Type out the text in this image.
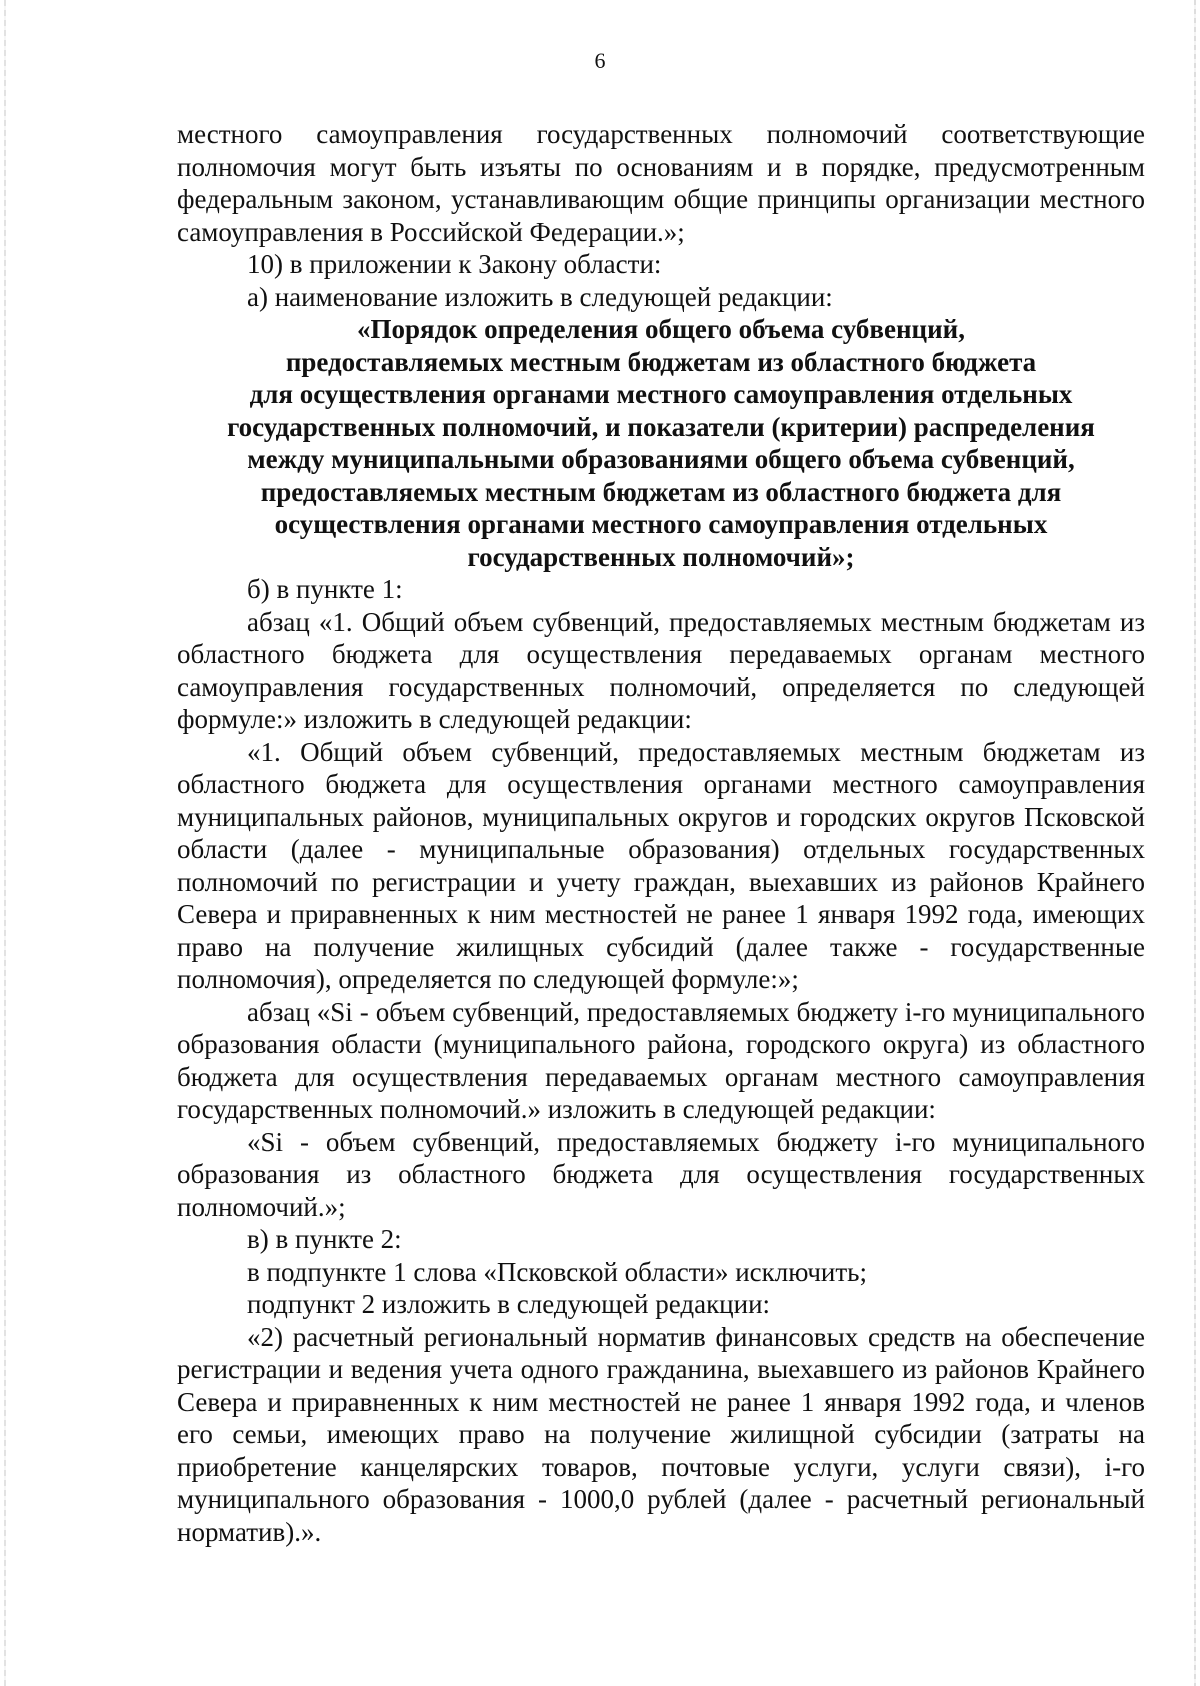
6

местного самоуправления государственных полномочий соответствующие полномочия могут быть изъяты по основаниям и в порядке, предусмотренным федеральным законом, устанавливающим общие принципы организации местного самоуправления в Российской Федерации.»;

10) в приложении к Закону области:

а) наименование изложить в следующей редакции:

«Порядок определения общего объема субвенций,
предоставляемых местным бюджетам из областного бюджета
для осуществления органами местного самоуправления отдельных
государственных полномочий, и показатели (критерии) распределения
между муниципальными образованиями общего объема субвенций,
предоставляемых местным бюджетам из областного бюджета для
осуществления органами местного самоуправления отдельных
государственных полномочий»;

б) в пункте 1:

абзац «1. Общий объем субвенций, предоставляемых местным бюджетам из областного бюджета для осуществления передаваемых органам местного самоуправления государственных полномочий, определяется по следующей формуле:» изложить в следующей редакции:

«1. Общий объем субвенций, предоставляемых местным бюджетам из областного бюджета для осуществления органами местного самоуправления муниципальных районов, муниципальных округов и городских округов Псковской области (далее - муниципальные образования) отдельных государственных полномочий по регистрации и учету граждан, выехавших из районов Крайнего Севера и приравненных к ним местностей не ранее 1 января 1992 года, имеющих право на получение жилищных субсидий (далее также - государственные полномочия), определяется по следующей формуле:»;

абзац «Si - объем субвенций, предоставляемых бюджету i-го муниципального образования области (муниципального района, городского округа) из областного бюджета для осуществления передаваемых органам местного самоуправления государственных полномочий.» изложить в следующей редакции:

«Si - объем субвенций, предоставляемых бюджету i-го муниципального образования из областного бюджета для осуществления государственных полномочий.»;

в) в пункте 2:

в подпункте 1 слова «Псковской области» исключить;

подпункт 2 изложить в следующей редакции:

«2) расчетный региональный норматив финансовых средств на обеспечение регистрации и ведения учета одного гражданина, выехавшего из районов Крайнего Севера и приравненных к ним местностей не ранее 1 января 1992 года, и членов его семьи, имеющих право на получение жилищной субсидии (затраты на приобретение канцелярских товаров, почтовые услуги, услуги связи), i-го муниципального образования - 1000,0 рублей (далее - расчетный региональный норматив).».
